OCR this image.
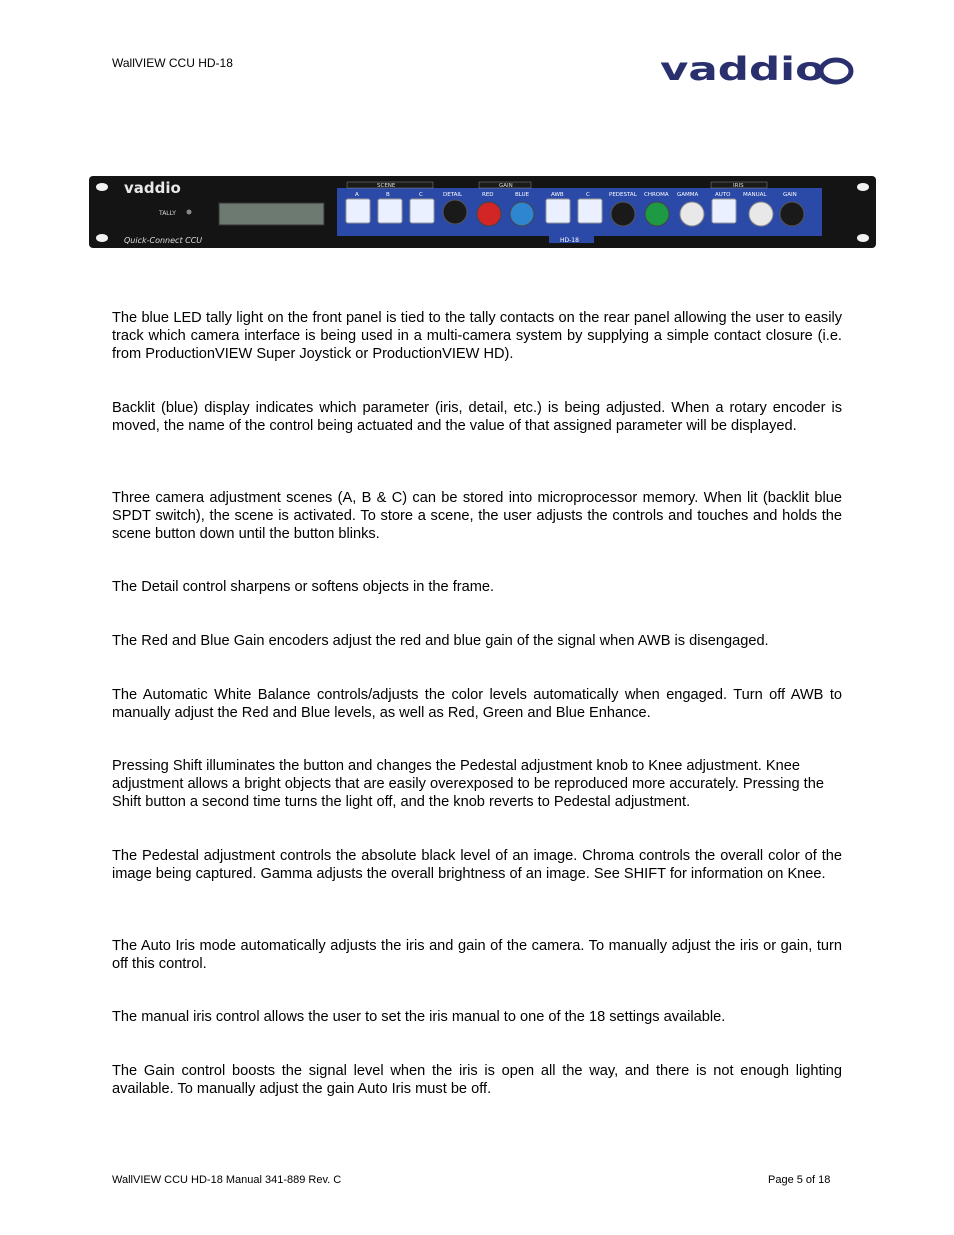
WallVIEW CCU HD-18	vaddio
vaddio
TALLY
Quick-Connect CCU	HD-18
SCENE	GAIN	IRIS
A	B	C	DETAIL	RED	BLUE	AWB	C	PEDESTAL CHROMA GAMMA	AUTO MANUAL	GAIN

The blue LED tally light on the front panel is tied to the tally contacts on the rear panel allowing the user to easily track which camera interface is being used in a multi-camera system by supplying a simple contact closure (i.e. from ProductionVIEW Super Joystick or ProductionVIEW HD).

Backlit (blue) display indicates which parameter (iris, detail, etc.) is being adjusted. When a rotary encoder is moved, the name of the control being actuated and the value of that assigned parameter will be displayed.

Three camera adjustment scenes (A, B & C) can be stored into microprocessor memory. When lit (backlit blue SPDT switch), the scene is activated. To store a scene, the user adjusts the controls and touches and holds the scene button down until the button blinks.

The Detail control sharpens or softens objects in the frame.

The Red and Blue Gain encoders adjust the red and blue gain of the signal when AWB is disengaged.

The Automatic White Balance controls/adjusts the color levels automatically when engaged. Turn off AWB to manually adjust the Red and Blue levels, as well as Red, Green and Blue Enhance.

Pressing Shift illuminates the button and changes the Pedestal adjustment knob to Knee adjustment. Knee adjustment allows a bright objects that are easily overexposed to be reproduced more accurately. Pressing the Shift button a second time turns the light off, and the knob reverts to Pedestal adjustment.

The Pedestal adjustment controls the absolute black level of an image. Chroma controls the overall color of the image being captured. Gamma adjusts the overall brightness of an image. See SHIFT for information on Knee.

The Auto Iris mode automatically adjusts the iris and gain of the camera. To manually adjust the iris or gain, turn off this control.

The manual iris control allows the user to set the iris manual to one of the 18 settings available.

The Gain control boosts the signal level when the iris is open all the way, and there is not enough lighting available. To manually adjust the gain Auto Iris must be off.

WallVIEW CCU HD-18 Manual 341-889 Rev. C	Page 5 of 18
